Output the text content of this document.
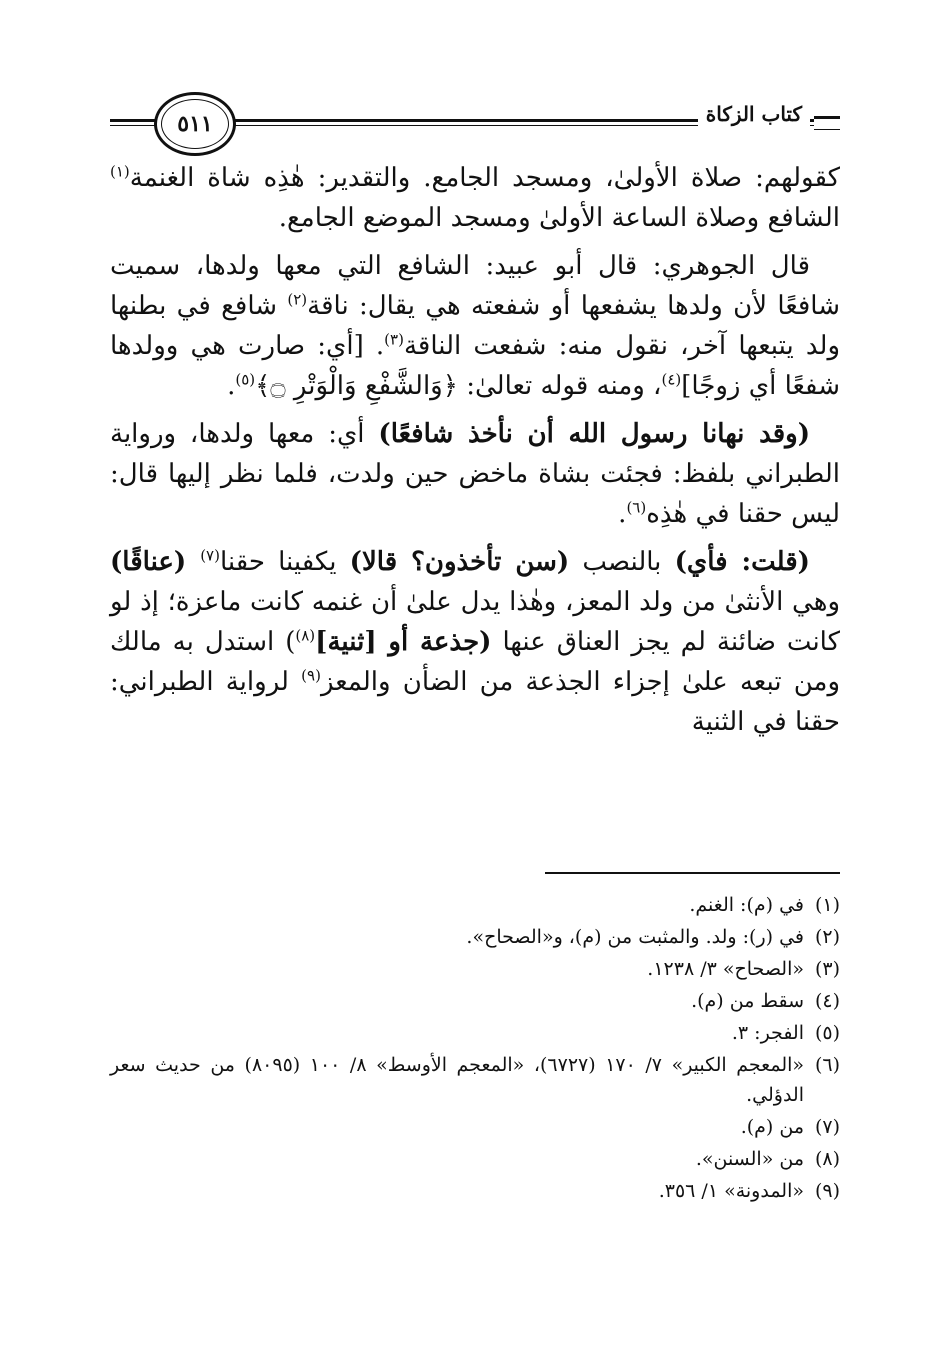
كتاب الزكاة
٥١١

كقولهم: صلاة الأولىٰ، ومسجد الجامع. والتقدير: هٰذِه شاة الغنمة$^{(١)}$ الشافع وصلاة الساعة الأولىٰ ومسجد الموضع الجامع.

قال الجوهري: قال أبو عبيد: الشافع التي معها ولدها، سميت شافعًا لأن ولدها يشفعها أو شفعته هي يقال: ناقة$^{(٢)}$ شافع في بطنها ولد يتبعها آخر، نقول منه: شفعت الناقة$^{(٣)}$. [أي: صارت هي وولدها شفعًا أي زوجًا]$^{(٤)}$، ومنه قوله تعالىٰ: ﴿وَالشَّفْعِ وَالْوَتْرِ ۝﴾$^{(٥)}$.

(وقد نهانا رسول الله أن نأخذ شافعًا) أي: معها ولدها، ورواية الطبراني بلفظ: فجئت بشاة ماخض حين ولدت، فلما نظر إليها قال: ليس حقنا في هٰذِه$^{(٦)}$.

(قلت: فأي) بالنصب (سن تأخذون؟ قالا) يكفينا حقنا$^{(٧)}$ (عناقًا) وهي الأنثىٰ من ولد المعز، وهٰذا يدل علىٰ أن غنمه كانت ماعزة؛ إذ لو كانت ضائنة لم يجز العناق عنها (جذعة أو [ثنية]$^{(٨)}$) استدل به مالك ومن تبعه علىٰ إجزاء الجذعة من الضأن والمعز$^{(٩)}$ لرواية الطبراني: حقنا في الثنية

(١)
في (م): الغنم.
(٢)
في (ر): ولد. والمثبت من (م)، و«الصحاح».
(٣)
«الصحاح» ٣/ ١٢٣٨.
(٤)
سقط من (م).
(٥)
الفجر: ٣.
(٦)
«المعجم الكبير» ٧/ ١٧٠ (٦٧٢٧)، «المعجم الأوسط» ٨/ ١٠٠ (٨٠٩٥) من حديث سعر الدؤلي.
(٧)
من (م).
(٨)
من «السنن».
(٩)
«المدونة» ١/ ٣٥٦.
